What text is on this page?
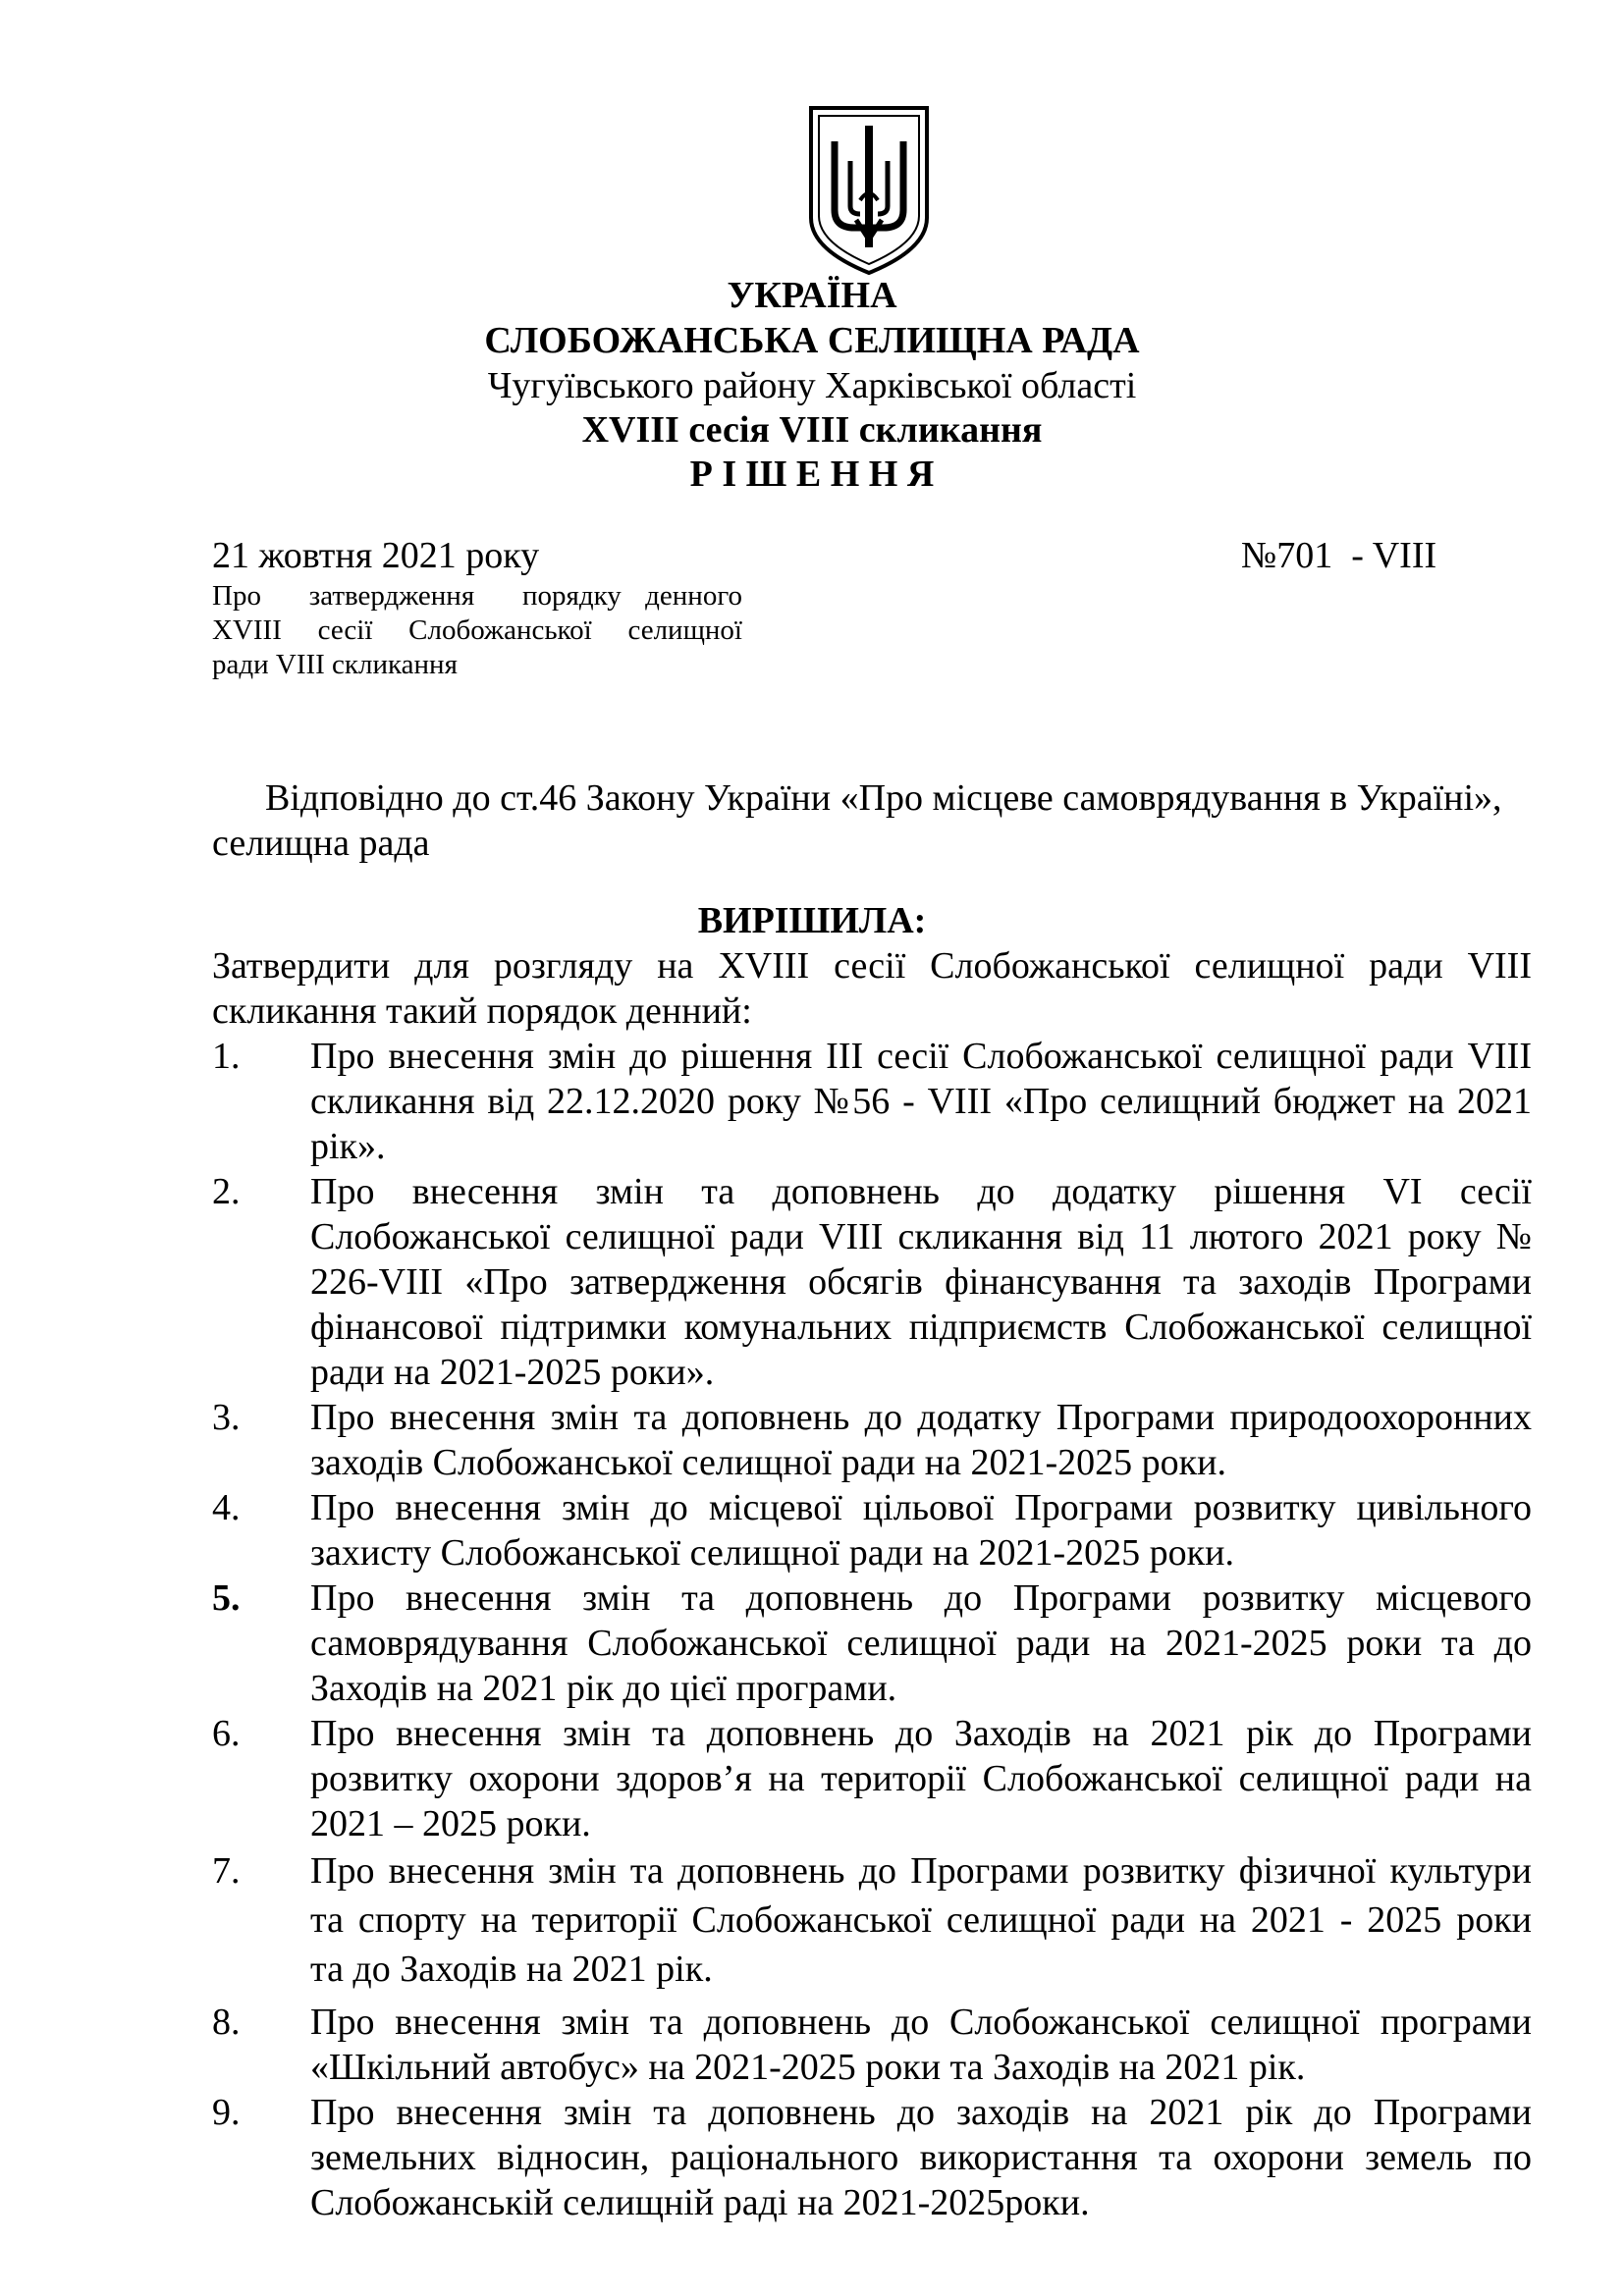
УКРАЇНА
СЛОБОЖАНСЬКА СЕЛИЩНА РАДА
Чугуївського району Харківської області
XVIII сесія VIII скликання
Р І Ш Е Н Н Я
21 жовтня 2021 року	№701  - VIII
Про  затвердження  порядку денного
XVIII  сесії  Слобожанської  селищної
ради VIII скликання
Відповідно до ст.46 Закону України «Про місцеве самоврядування в Україні»,
селищна рада
ВИРІШИЛА:
Затвердити для розгляду на XVIII сесії Слобожанської селищної ради VIII
скликання такий порядок денний:
1.	Про внесення змін до рішення III сесії Слобожанської селищної ради VIII
скликання від 22.12.2020 року №56 - VIII «Про селищний бюджет на 2021
рік».
2.	Про внесення змін та доповнень до додатку рішення VI сесії
Слобожанської селищної ради VIII скликання від 11 лютого 2021 року №
226-VIII «Про затвердження обсягів фінансування та заходів Програми
фінансової підтримки комунальних підприємств Слобожанської селищної
ради на 2021-2025 роки».
3.	Про внесення змін та доповнень до додатку Програми природоохоронних
заходів Слобожанської селищної ради на 2021-2025 роки.
4.	Про внесення змін до місцевої цільової Програми розвитку цивільного
захисту Слобожанської селищної ради на 2021-2025 роки.
5.	Про внесення змін та доповнень до Програми розвитку місцевого
самоврядування Слобожанської селищної ради на 2021-2025 роки та до
Заходів на 2021 рік до цієї програми.
6.	Про внесення змін та доповнень до Заходів на 2021 рік до Програми
розвитку охорони здоров’я на території Слобожанської селищної ради на
2021 – 2025 роки.
7.	Про внесення змін та доповнень до Програми розвитку фізичної культури
та спорту на території Слобожанської селищної ради на 2021 - 2025 роки
та до Заходів на 2021 рік.
8.	Про внесення змін та доповнень до Слобожанської селищної програми
«Шкільний автобус» на 2021-2025 роки та Заходів на 2021 рік.
9.	Про внесення змін та доповнень до заходів на 2021 рік до Програми
земельних відносин, раціонального використання та охорони земель по
Слобожанській селищній раді на 2021-2025роки.
